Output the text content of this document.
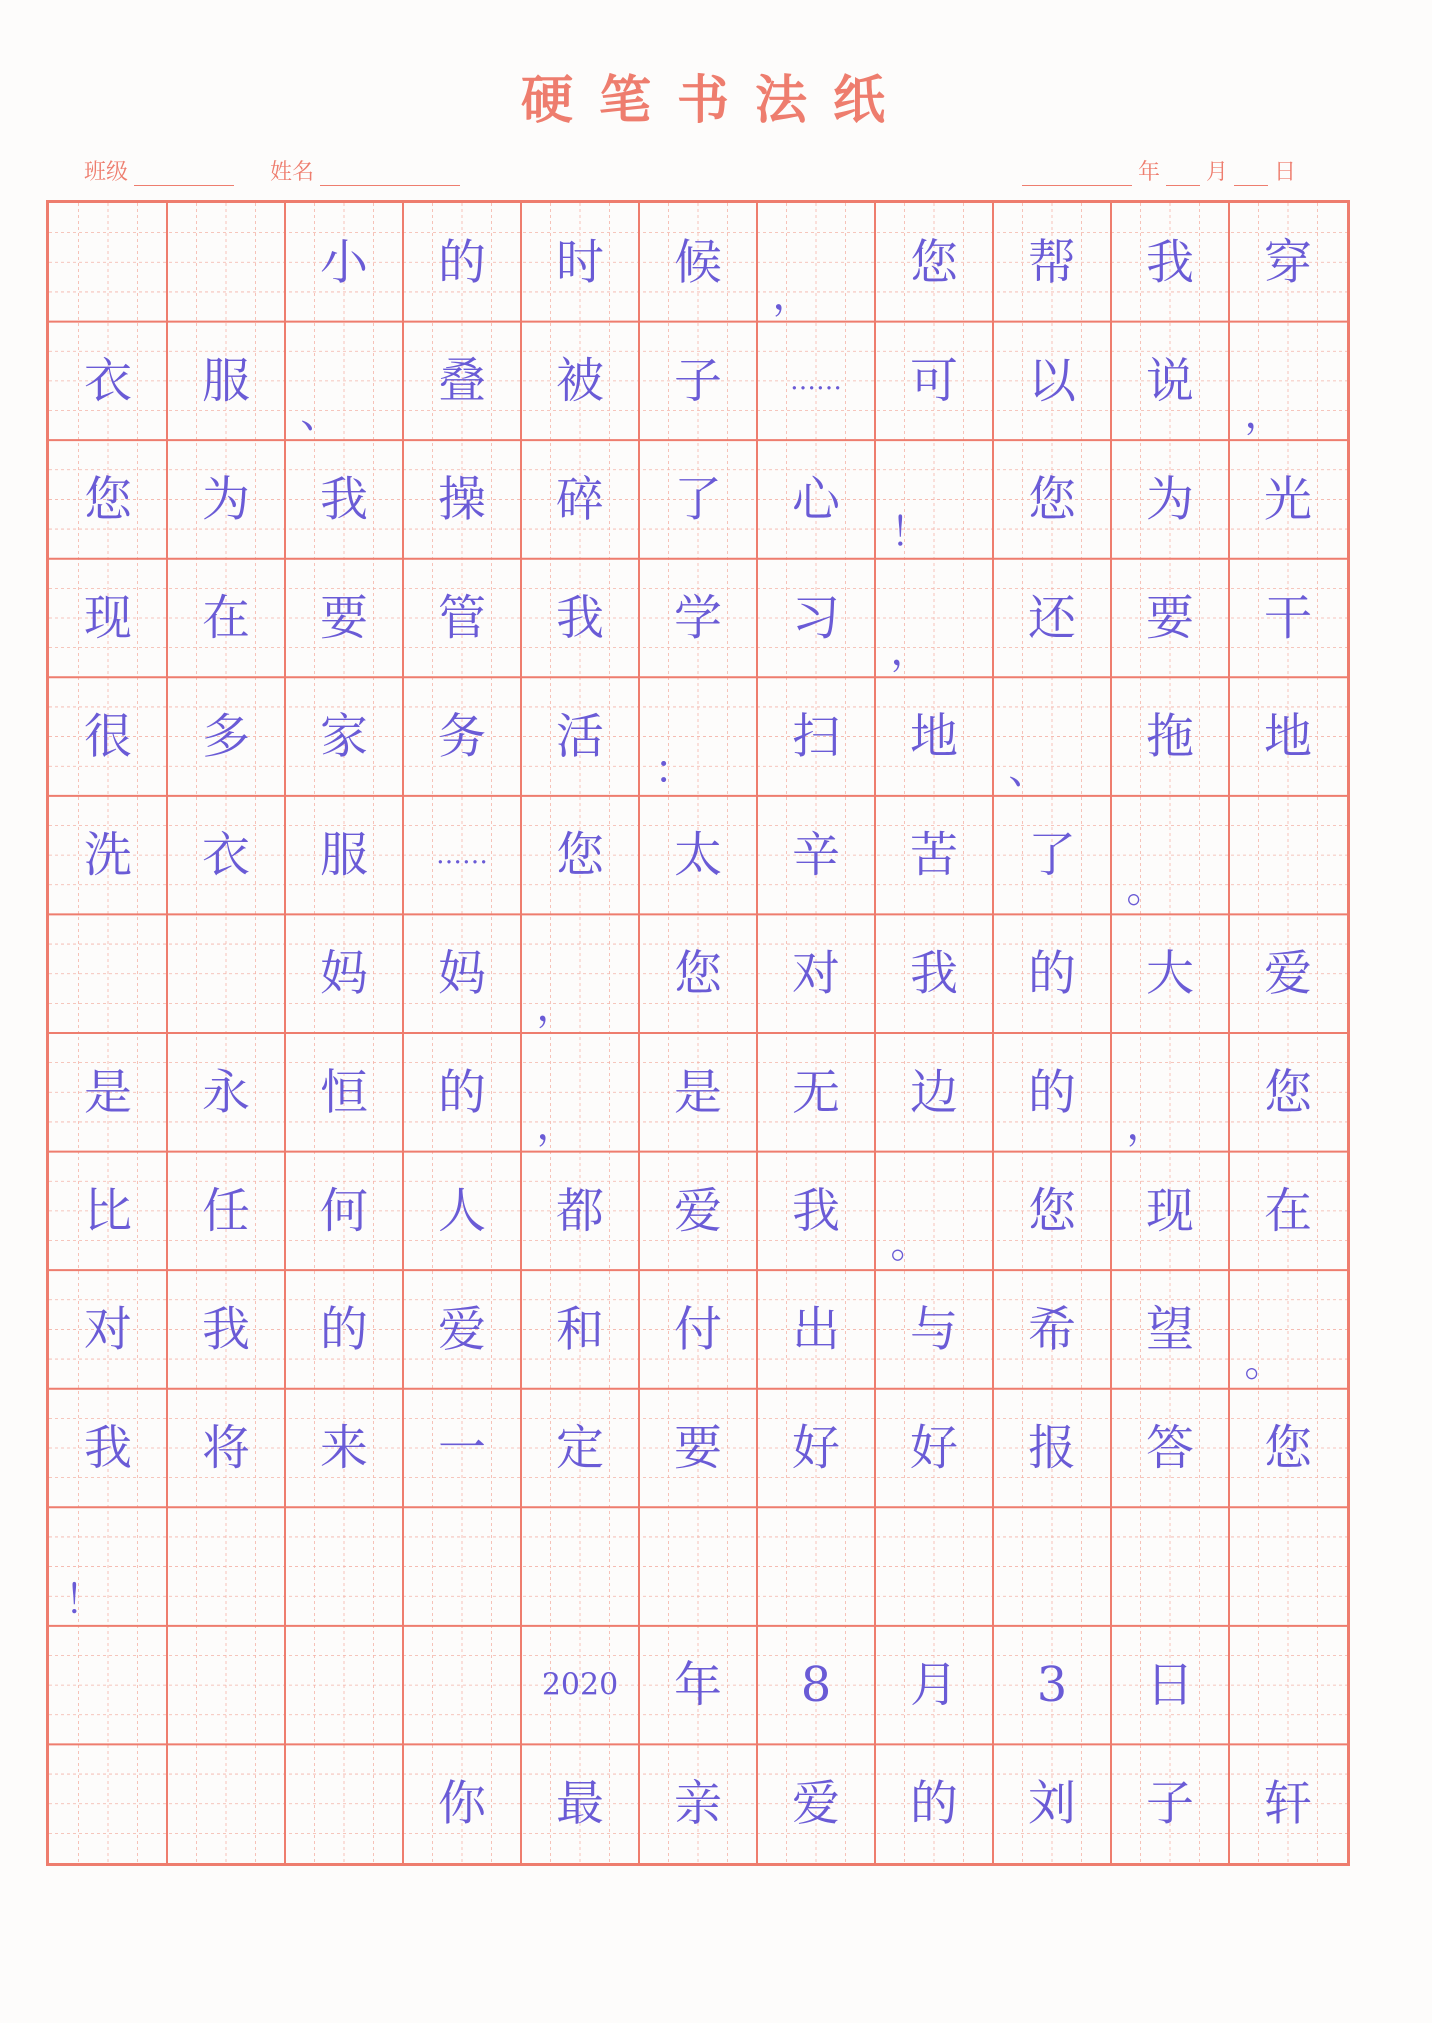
硬笔书法纸
班级	姓名	年 月 日
小 的 时 候
，
您 帮 我 穿
衣 服
、
叠 被 子	…… 可 以 说
，
您 为 我 操 碎 了 心
！
您 为 光
现 在 要 管 我 学 习
，
还 要 干
很 多 家 务 活
：
扫 地
、
拖 地
洗 衣 服	…… 您 太 辛 苦 了
。
妈 妈
，
您 对 我 的 大 爱
是 永 恒 的
，
是 无 边 的
，
您
比 任 何 人 都 爱 我
。
您 现 在
对 我 的 爱 和 付 出 与 希 望
。
我 将 来 一 定 要 好 好 报 答 您
！
2020 年 8 月 3 日
你 最 亲 爱 的 刘 子 轩
